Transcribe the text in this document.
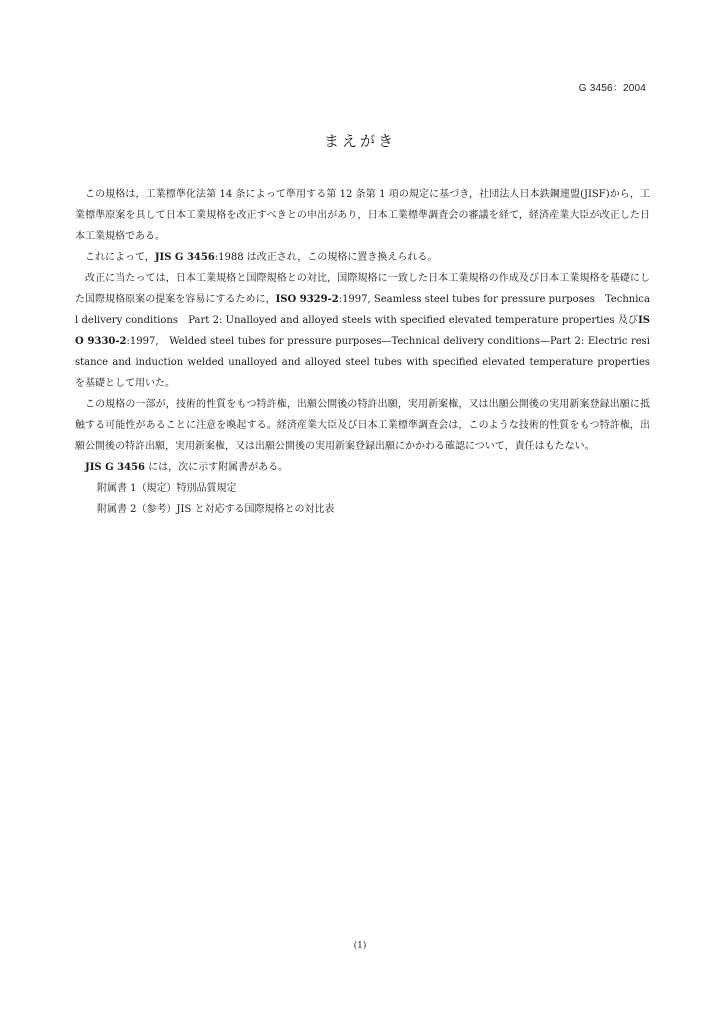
G 3456：2004
まえがき

この規格は，工業標準化法第 14 条によって準用する第 12 条第 1 項の規定に基づき，社団法人日本鉄鋼連盟(JISF)から，工業標準原案を具して日本工業規格を改正すべきとの申出があり，日本工業標準調査会の審議を経て，経済産業大臣が改正した日本工業規格である。

これによって，JIS G 3456:1988 は改正され，この規格に置き換えられる。

改正に当たっては，日本工業規格と国際規格との対比，国際規格に一致した日本工業規格の作成及び日本工業規格を基礎にした国際規格原案の提案を容易にするために，ISO 9329-2:1997, Seamless steel tubes for pressure purposes　Technical delivery conditions　Part 2: Unalloyed and alloyed steels with specified elevated temperature properties 及びISO 9330-2:1997,　Welded steel tubes for pressure purposes—Technical delivery conditions—Part 2: Electric resistance and induction welded unalloyed and alloyed steel tubes with specified elevated temperature properties　を基礎として用いた。

この規格の一部が，技術的性質をもつ特許権，出願公開後の特許出願，実用新案権，又は出願公開後の実用新案登録出願に抵触する可能性があることに注意を喚起する。経済産業大臣及び日本工業標準調査会は，このような技術的性質をもつ特許権，出願公開後の特許出願，実用新案権，又は出願公開後の実用新案登録出願にかかわる確認について，責任はもたない。

JIS G 3456 には，次に示す附属書がある。

附属書 1（規定）特別品質規定
附属書 2（参考）JIS と対応する国際規格との対比表
(1)
